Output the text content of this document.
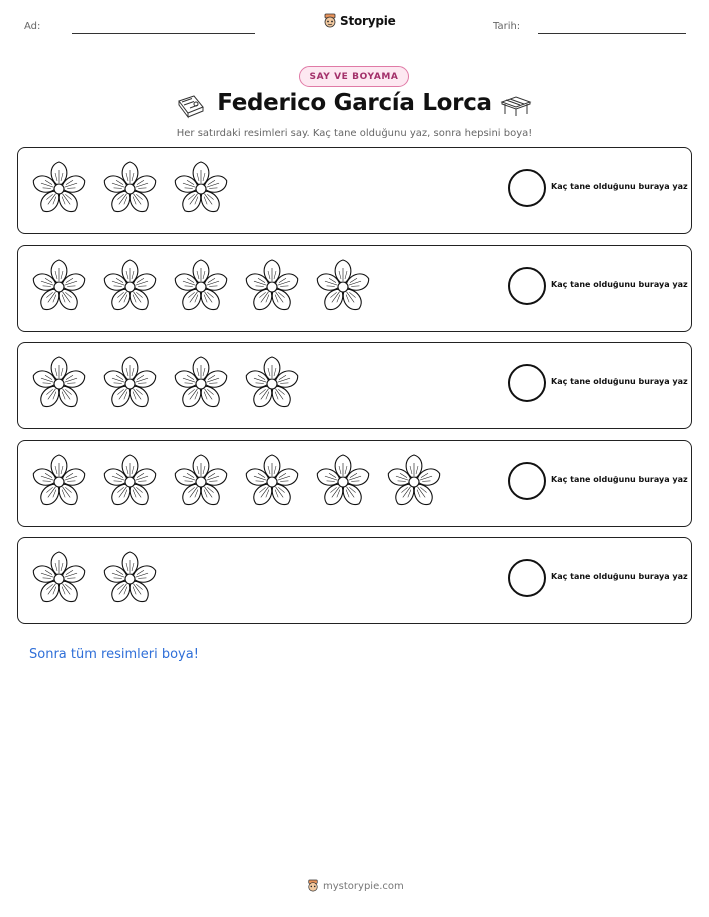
Ad:	Storypie	Tarih:
SAY VE BOYAMA
Federico García Lorca
Her satırdaki resimleri say. Kaç tane olduğunu yaz, sonra hepsini boya!
Kaç tane olduğunu buraya yaz
Kaç tane olduğunu buraya yaz
Kaç tane olduğunu buraya yaz
Kaç tane olduğunu buraya yaz
Kaç tane olduğunu buraya yaz
Sonra tüm resimleri boya!
mystorypie.com
